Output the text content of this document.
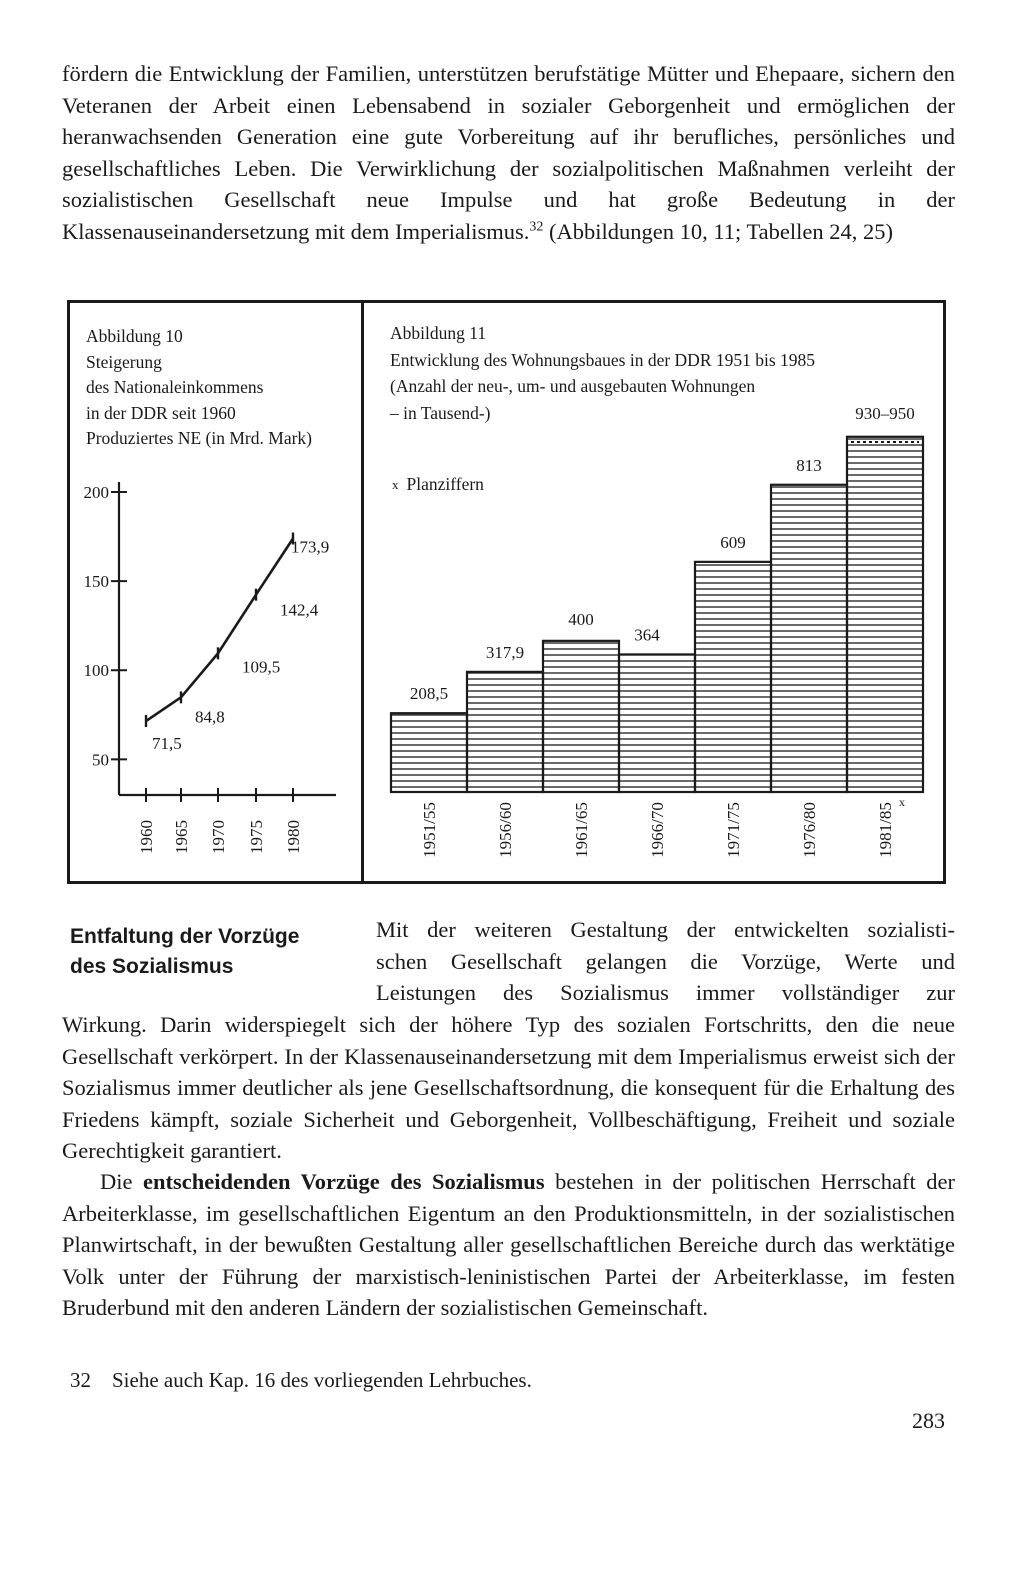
fördern die Entwicklung der Familien, unterstützen berufstätige Mütter und Ehepaare, sichern den Veteranen der Arbeit einen Lebensabend in sozialer Geborgenheit und ermöglichen der heranwachsenden Generation eine gute Vorbereitung auf ihr berufliches, persönliches und gesellschaftliches Leben. Die Verwirklichung der sozialpolitischen Maßnahmen verleiht der sozialistischen Gesellschaft neue Impulse und hat große Bedeutung in der Klassenauseinandersetzung mit dem Imperialismus.$^{32}$ (Abbildungen 10, 11; Tabellen 24, 25)

Abbildung 10
Steigerung
des Nationaleinkommens
in der DDR seit 1960
Produziertes NE (in Mrd. Mark)
Abbildung 11
Entwicklung des Wohnungsbaues in der DDR 1951 bis 1985
(Anzahl der neu-, um- und ausgebauten Wohnungen
– in Tausend-)
$^x$ Planziffern
50
100
150
200
1960 1965 1970 1975 1980
71,5
84,8
109,5
142,4
173,9
208,5
1951/55
317,9
1956/60
400
1961/65
364
1966/70
609
1971/75
813
1976/80
930–950
1981/85
x
Entfaltung der Vorzüge
des Sozialismus
Mit der weiteren Gestaltung der entwickelten sozialisti-
schen Gesellschaft gelangen die Vorzüge, Werte und
Leistungen des Sozialismus immer vollständiger zur

Wirkung. Darin widerspiegelt sich der höhere Typ des sozialen Fortschritts, den die neue Gesellschaft verkörpert. In der Klassenauseinandersetzung mit dem Imperialismus erweist sich der Sozialismus immer deutlicher als jene Gesellschaftsordnung, die konsequent für die Erhaltung des Friedens kämpft, soziale Sicherheit und Geborgenheit, Vollbeschäftigung, Freiheit und soziale Gerechtigkeit garantiert.

Die entscheidenden Vorzüge des Sozialismus bestehen in der politischen Herrschaft der Arbeiterklasse, im gesellschaftlichen Eigentum an den Produktionsmitteln, in der sozialistischen Planwirtschaft, in der bewußten Gestaltung aller gesellschaftlichen Bereiche durch das werktätige Volk unter der Führung der marxistisch-leninistischen Partei der Arbeiterklasse, im festen Bruderbund mit den anderen Ländern der sozialistischen Gemeinschaft.

32 Siehe auch Kap. 16 des vorliegenden Lehrbuches.

283
